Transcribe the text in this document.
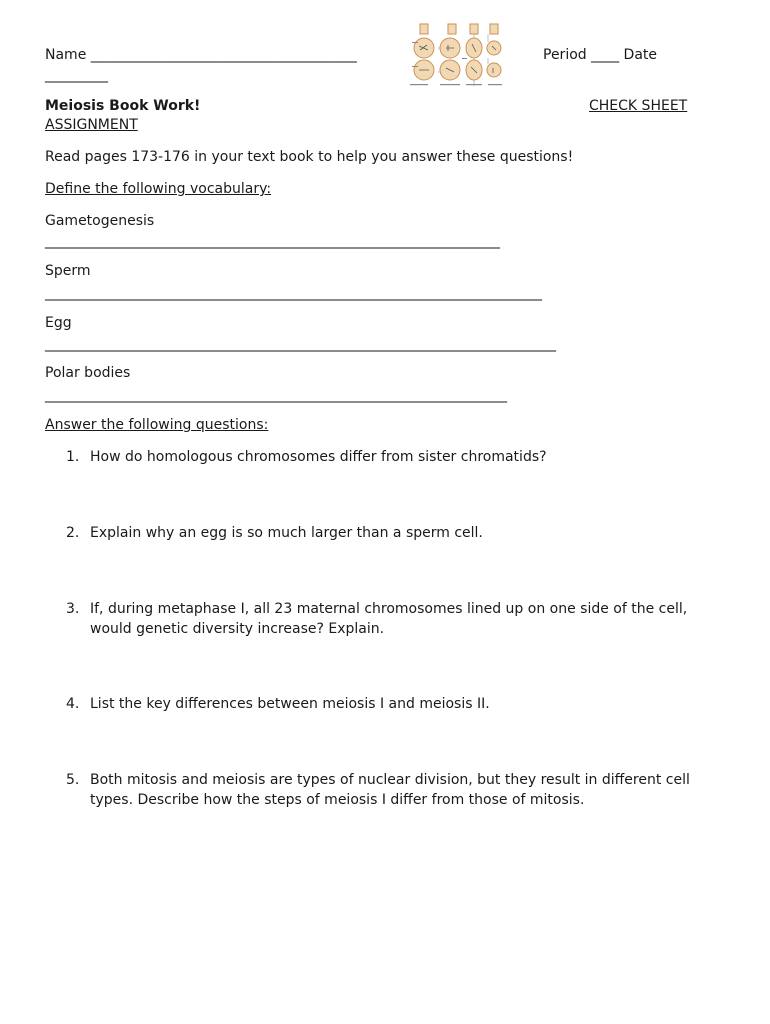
Name ______________________________________
_________
Period ____ Date
Meiosis Book Work!	CHECK SHEET
ASSIGNMENT
Read pages 173-176 in your text book to help you answer these questions!
Define the following vocabulary:
Gametogenesis
_________________________________________________________________
Sperm
_______________________________________________________________________
Egg
_________________________________________________________________________
Polar bodies
__________________________________________________________________
Answer the following questions:
1. How do homologous chromosomes differ from sister chromatids?
2. Explain why an egg is so much larger than a sperm cell.
3. If, during metaphase I, all 23 maternal chromosomes lined up on one side of the cell, would genetic diversity increase? Explain.
4. List the key differences between meiosis I and meiosis II.
5. Both mitosis and meiosis are types of nuclear division, but they result in different cell types. Describe how the steps of meiosis I differ from those of mitosis.
